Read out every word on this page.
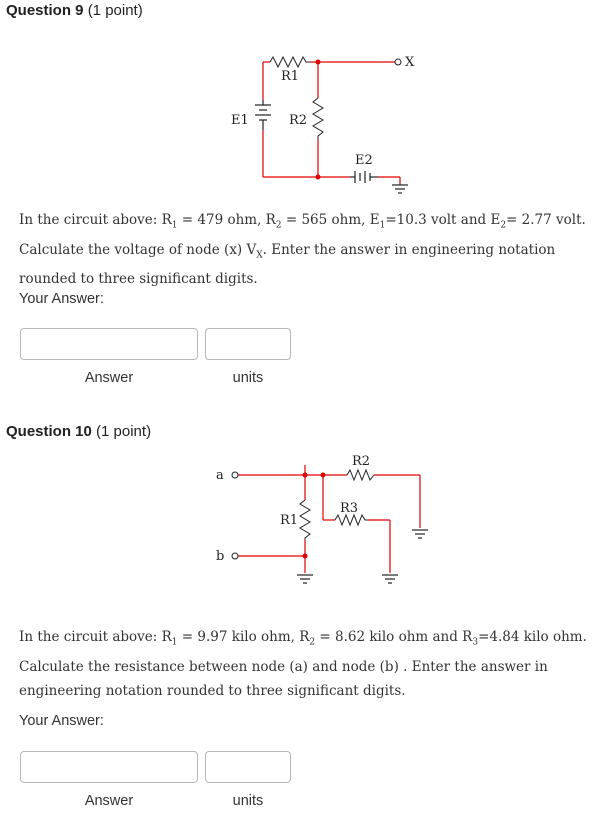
Question 9 (1 point)
R1
R2
E1
E2
X
In the circuit above: $R_1 = 479$ ohm, $R_2 = 565$ ohm, $E_1=10.3$ volt and $E_2= 2.77$ volt.
Calculate the voltage of node (x) $V_X$. Enter the answer in engineering notation
rounded to three significant digits.
Your Answer:
Answer	units
Question 10 (1 point)
a
b
R2
R3
R1
In the circuit above: $R_1 = 9.97$ kilo ohm, $R_2 = 8.62$ kilo ohm and $R_3=4.84$ kilo ohm.
Calculate the resistance between node (a) and node (b) . Enter the answer in
engineering notation rounded to three significant digits.
Your Answer:
Answer	units
